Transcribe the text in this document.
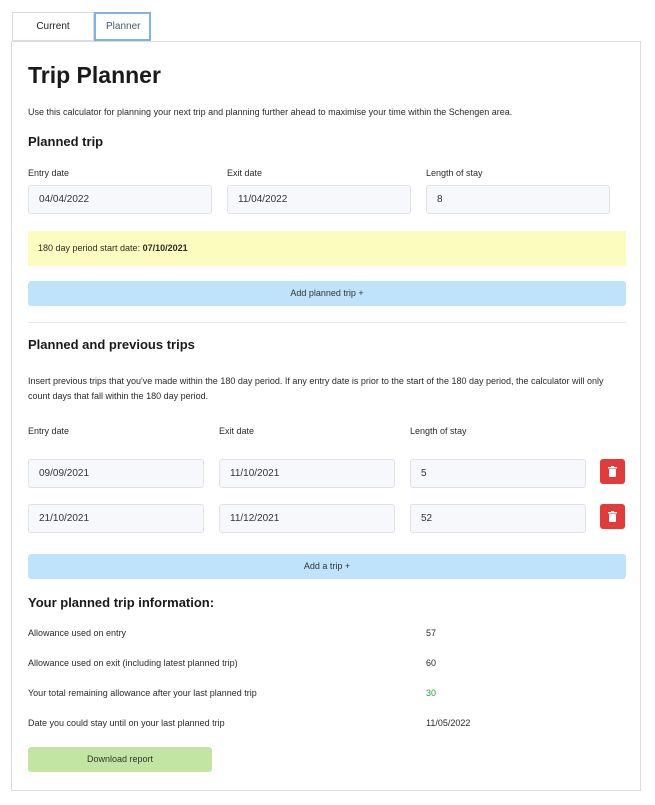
Current	Planner
Trip Planner
Use this calculator for planning your next trip and planning further ahead to maximise your time within the Schengen area.
Planned trip
Entry date	Exit date	Length of stay
04/04/2022	11/04/2022	8
180 day period start date: 07/10/2021
Add planned trip +
Planned and previous trips
Insert previous trips that you've made within the 180 day period. If any entry date is prior to the start of the 180 day period, the calculator will only count days that fall within the 180 day period.
Entry date	Exit date	Length of stay
09/09/2021	11/10/2021	5
21/10/2021	11/12/2021	52
Add a trip +
Your planned trip information:
Allowance used on entry	57
Allowance used on exit (including latest planned trip)	60
Your total remaining allowance after your last planned trip	30
Date you could stay until on your last planned trip	11/05/2022
Download report
